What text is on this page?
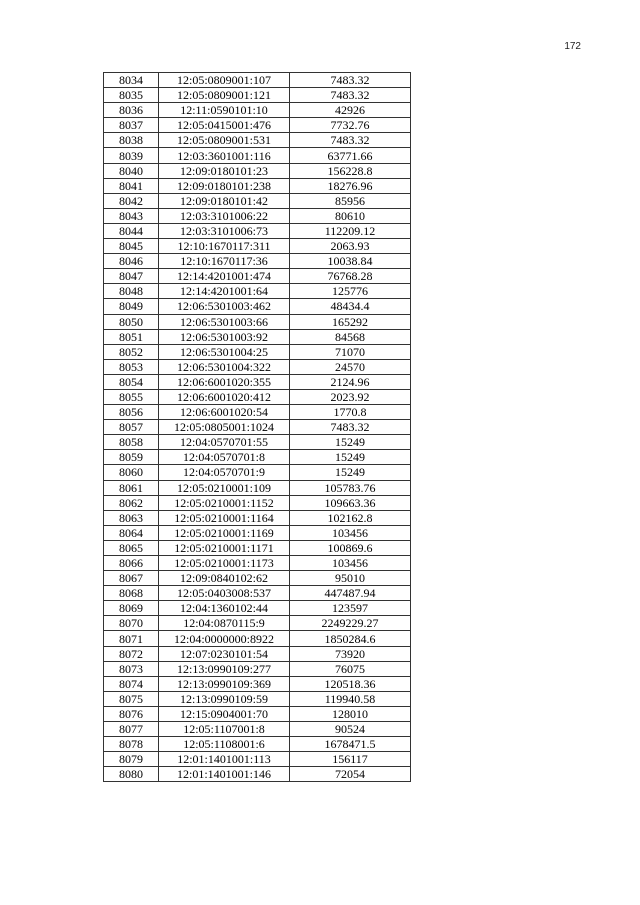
172
8034	12:05:0809001:107	7483.32
8035	12:05:0809001:121	7483.32
8036	12:11:0590101:10	42926
8037	12:05:0415001:476	7732.76
8038	12:05:0809001:531	7483.32
8039	12:03:3601001:116	63771.66
8040	12:09:0180101:23	156228.8
8041	12:09:0180101:238	18276.96
8042	12:09:0180101:42	85956
8043	12:03:3101006:22	80610
8044	12:03:3101006:73	112209.12
8045	12:10:1670117:311	2063.93
8046	12:10:1670117:36	10038.84
8047	12:14:4201001:474	76768.28
8048	12:14:4201001:64	125776
8049	12:06:5301003:462	48434.4
8050	12:06:5301003:66	165292
8051	12:06:5301003:92	84568
8052	12:06:5301004:25	71070
8053	12:06:5301004:322	24570
8054	12:06:6001020:355	2124.96
8055	12:06:6001020:412	2023.92
8056	12:06:6001020:54	1770.8
8057	12:05:0805001:1024	7483.32
8058	12:04:0570701:55	15249
8059	12:04:0570701:8	15249
8060	12:04:0570701:9	15249
8061	12:05:0210001:109	105783.76
8062	12:05:0210001:1152	109663.36
8063	12:05:0210001:1164	102162.8
8064	12:05:0210001:1169	103456
8065	12:05:0210001:1171	100869.6
8066	12:05:0210001:1173	103456
8067	12:09:0840102:62	95010
8068	12:05:0403008:537	447487.94
8069	12:04:1360102:44	123597
8070	12:04:0870115:9	2249229.27
8071	12:04:0000000:8922	1850284.6
8072	12:07:0230101:54	73920
8073	12:13:0990109:277	76075
8074	12:13:0990109:369	120518.36
8075	12:13:0990109:59	119940.58
8076	12:15:0904001:70	128010
8077	12:05:1107001:8	90524
8078	12:05:1108001:6	1678471.5
8079	12:01:1401001:113	156117
8080	12:01:1401001:146	72054
